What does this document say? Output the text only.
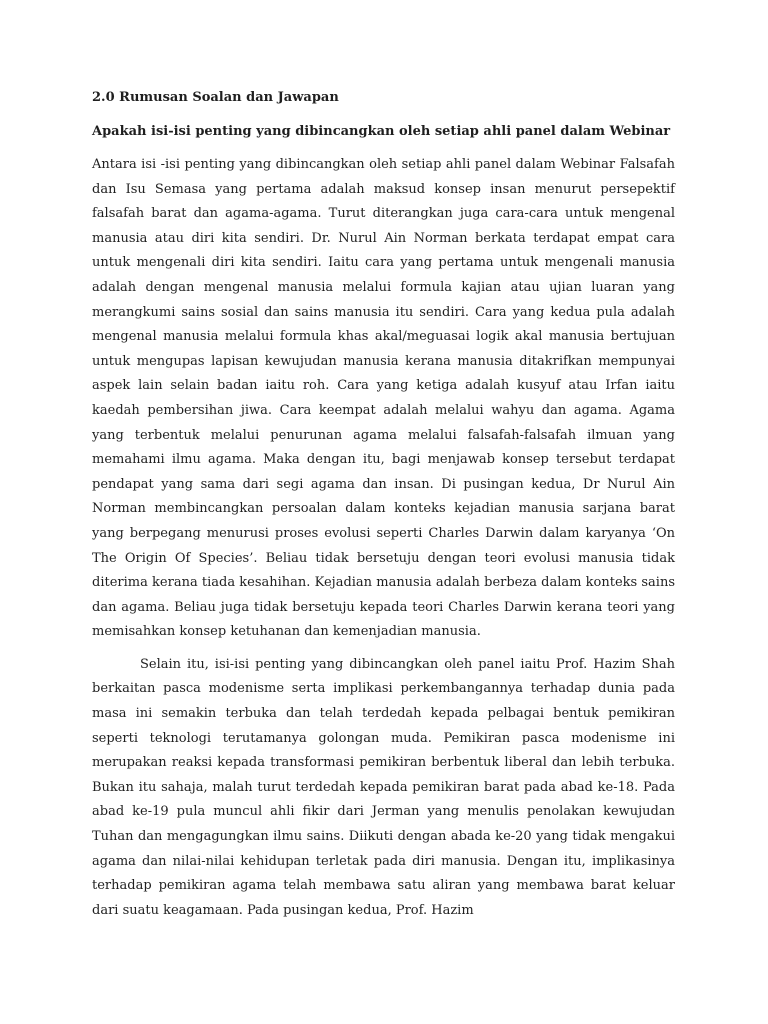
2.0 Rumusan Soalan dan Jawapan
Apakah isi-isi penting yang dibincangkan oleh setiap ahli panel dalam Webinar

Antara isi -isi penting yang dibincangkan oleh setiap ahli panel dalam Webinar Falsafah dan Isu Semasa yang pertama adalah maksud konsep insan menurut persepektif falsafah barat dan agama-agama. Turut diterangkan juga cara-cara untuk mengenal manusia atau diri kita sendiri. Dr. Nurul Ain Norman berkata terdapat empat cara untuk mengenali diri kita sendiri. Iaitu cara yang pertama untuk mengenali manusia adalah dengan mengenal manusia melalui formula kajian atau ujian luaran yang merangkumi sains sosial dan sains manusia itu sendiri. Cara yang kedua pula adalah mengenal manusia melalui formula khas akal/meguasai logik akal manusia bertujuan untuk mengupas lapisan kewujudan manusia kerana manusia ditakrifkan mempunyai aspek lain selain badan iaitu roh. Cara yang ketiga adalah kusyuf atau Irfan iaitu kaedah pembersihan jiwa. Cara keempat adalah melalui wahyu dan agama. Agama yang terbentuk melalui penurunan agama melalui falsafah-falsafah ilmuan yang memahami ilmu agama. Maka dengan itu, bagi menjawab konsep tersebut terdapat pendapat yang sama dari segi agama dan insan. Di pusingan kedua, Dr Nurul Ain Norman membincangkan persoalan dalam konteks kejadian manusia sarjana barat yang berpegang menurusi proses evolusi seperti Charles Darwin dalam karyanya ‘On The Origin Of Species’. Beliau tidak bersetuju dengan teori evolusi manusia tidak diterima kerana tiada kesahihan. Kejadian manusia adalah berbeza dalam konteks sains dan agama. Beliau juga tidak bersetuju kepada teori Charles Darwin kerana teori yang memisahkan konsep ketuhanan dan kemenjadian manusia.

Selain itu, isi-isi penting yang dibincangkan oleh panel iaitu Prof. Hazim Shah berkaitan pasca modenisme serta implikasi perkembangannya terhadap dunia pada masa ini semakin terbuka dan telah terdedah kepada pelbagai bentuk pemikiran seperti teknologi terutamanya golongan muda. Pemikiran pasca modenisme ini merupakan reaksi kepada transformasi pemikiran berbentuk liberal dan lebih terbuka. Bukan itu sahaja, malah turut terdedah kepada pemikiran barat pada abad ke-18. Pada abad ke-19 pula muncul ahli fikir dari Jerman yang menulis penolakan kewujudan Tuhan dan mengagungkan ilmu sains. Diikuti dengan abada ke-20 yang tidak mengakui agama dan nilai-nilai kehidupan terletak pada diri manusia. Dengan itu, implikasinya terhadap pemikiran agama telah membawa satu aliran yang membawa barat keluar dari suatu keagamaan. Pada pusingan kedua, Prof. Hazim
